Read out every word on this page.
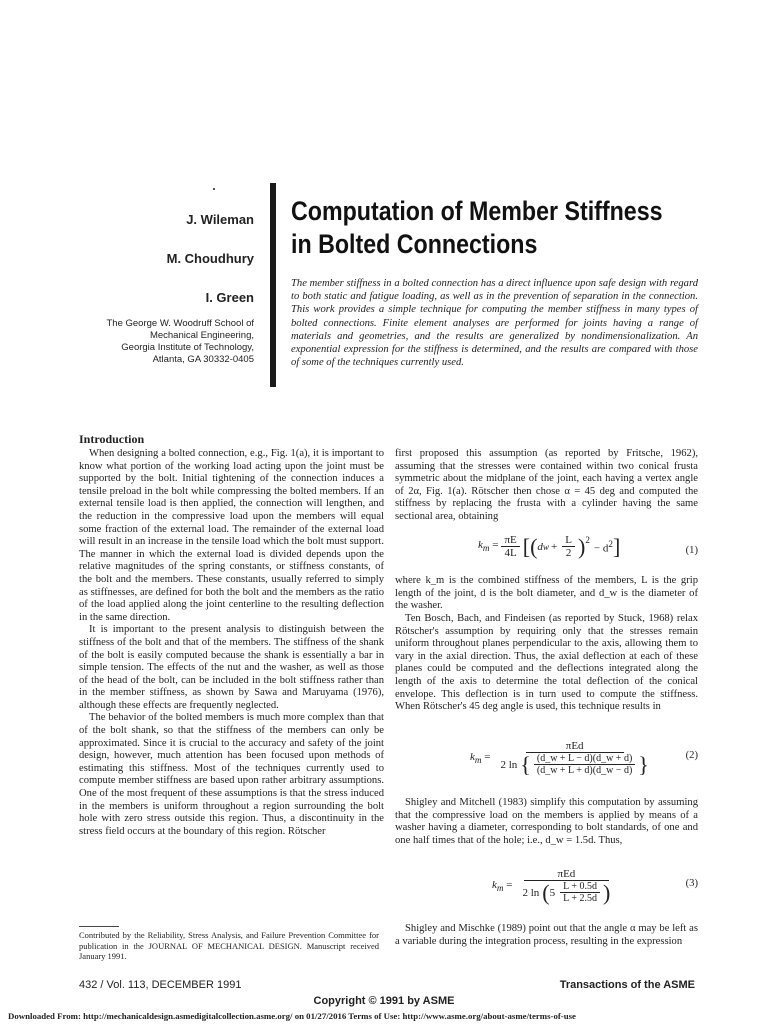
J. Wileman
M. Choudhury
I. Green
The George W. Woodruff School of
Mechanical Engineering,
Georgia Institute of Technology,
Atlanta, GA 30332-0405
Computation of Member Stiffness
in Bolted Connections
The member stiffness in a bolted connection has a direct influence upon safe design with regard to both static and fatigue loading, as well as in the prevention of separation in the connection. This work provides a simple technique for computing the member stiffness in many types of bolted connections. Finite element analyses are performed for joints having a range of materials and geometries, and the results are generalized by nondimensionalization. An exponential expression for the stiffness is determined, and the results are compared with those of some of the techniques currently used.
Introduction

When designing a bolted connection, e.g., Fig. 1(a), it is important to know what portion of the working load acting upon the joint must be supported by the bolt. Initial tightening of the connection induces a tensile preload in the bolt while compressing the bolted members. If an external tensile load is then applied, the connection will lengthen, and the reduction in the compressive load upon the members will equal some fraction of the external load. The remainder of the external load will result in an increase in the tensile load which the bolt must support. The manner in which the external load is divided depends upon the relative magnitudes of the spring constants, or stiffness constants, of the bolt and the members. These constants, usually referred to simply as stiffnesses, are defined for both the bolt and the members as the ratio of the load applied along the joint centerline to the resulting deflection in the same direction.

It is important to the present analysis to distinguish between the stiffness of the bolt and that of the members. The stiffness of the shank of the bolt is easily computed because the shank is essentially a bar in simple tension. The effects of the nut and the washer, as well as those of the head of the bolt, can be included in the bolt stiffness rather than in the member stiffness, as shown by Sawa and Maruyama (1976), although these effects are frequently neglected.

The behavior of the bolted members is much more complex than that of the bolt shank, so that the stiffness of the members can only be approximated. Since it is crucial to the accuracy and safety of the joint design, however, much attention has been focused upon methods of estimating this stiffness. Most of the techniques currently used to compute member stiffness are based upon rather arbitrary assumptions. One of the most frequent of these assumptions is that the stress induced in the members is uniform throughout a region surrounding the bolt hole with zero stress outside this region. Thus, a discontinuity in the stress field occurs at the boundary of this region. Rötscher

first proposed this assumption (as reported by Fritsche, 1962), assuming that the stresses were contained within two conical frusta symmetric about the midplane of the joint, each having a vertex angle of 2α, Fig. 1(a). Rötscher then chose α = 45 deg and computed the stiffness by replacing the frusta with a cylinder having the same sectional area, obtaining
$k_m = \frac{\pi E}{4L}$ [ ( d $w + \frac{L}{2} )^2$
− $d^2$ ]	(1)
where k_m is the combined stiffness of the members, L is the grip length of the joint, d is the bolt diameter, and d_w is the diameter of the washer.
Ten Bosch, Bach, and Findeisen (as reported by Stuck, 1968) relax Rötscher's assumption by requiring only that the stresses remain uniform throughout planes perpendicular to the axis, allowing them to vary in the axial direction. Thus, the axial deflection at each of these planes could be computed and the deflections integrated along the length of the axis to determine the total deflection of the conical envelope. This deflection is in turn used to compute the stiffness. When Rötscher's 45 deg angle is used, this technique results in
$k_m$ =
πEd
2 ln { $\frac{(d\_w + L - d)(d\_w + d)}{(d\_w + L + d)(d\_w - d)}$ }	(2)
Shigley and Mitchell (1983) simplify this computation by assuming that the compressive load on the members is applied by means of a washer having a diameter, corresponding to bolt standards, of one and one half times that of the hole; i.e., d_w = 1.5d. Thus,
$k_m = \frac{\text{πEd}}{2 \ln ( 5 \frac{L + 0.5d}{L + 2.5d} )}$	(3)
Shigley and Mischke (1989) point out that the angle α may be left as a variable during the integration process, resulting in the expression
Contributed by the Reliability, Stress Analysis, and Failure Prevention Committee for publication in the JOURNAL OF MECHANICAL DESIGN. Manuscript received January 1991.
432 / Vol. 113, DECEMBER 1991	Transactions of the ASME
Copyright © 1991 by ASME
Downloaded From: http://mechanicaldesign.asmedigitalcollection.asme.org/ on 01/27/2016 Terms of Use: http://www.asme.org/about-asme/terms-of-use
